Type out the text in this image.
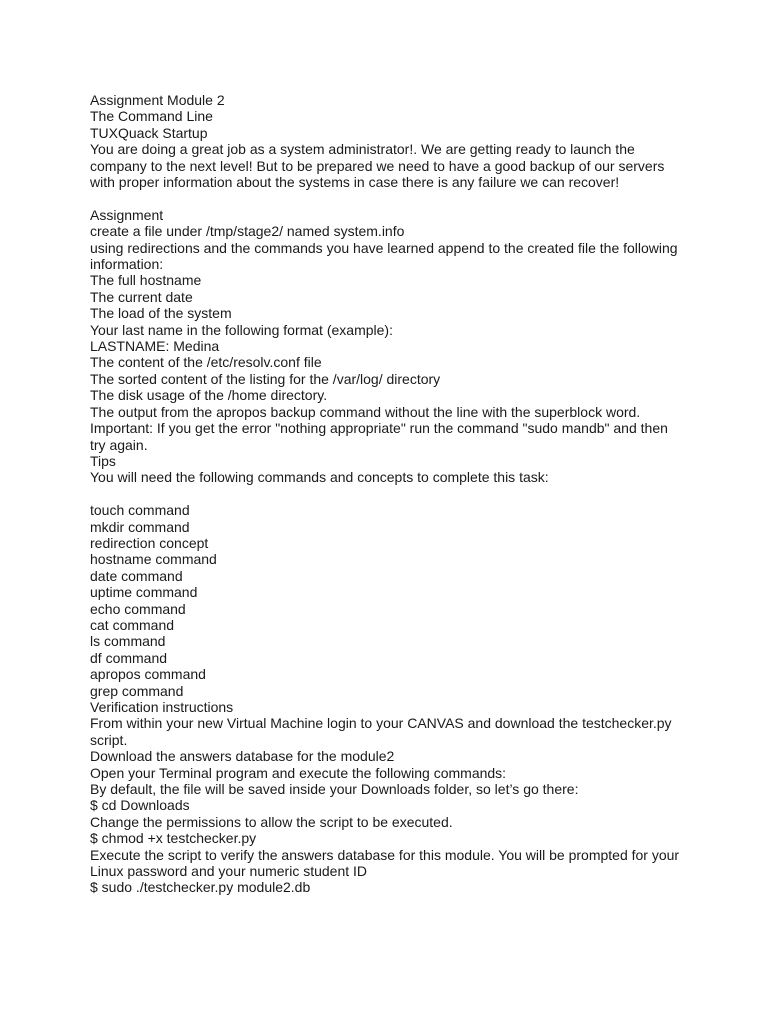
Assignment Module 2
The Command Line
TUXQuack Startup
You are doing a great job as a system administrator!. We are getting ready to launch the
company to the next level! But to be prepared we need to have a good backup of our servers
with proper information about the systems in case there is any failure we can recover!
Assignment
create a file under /tmp/stage2/ named system.info
using redirections and the commands you have learned append to the created file the following
information:
The full hostname
The current date
The load of the system
Your last name in the following format (example):
LASTNAME: Medina
The content of the /etc/resolv.conf file
The sorted content of the listing for the /var/log/ directory
The disk usage of the /home directory.
The output from the apropos backup command without the line with the superblock word.
Important: If you get the error "nothing appropriate" run the command "sudo mandb" and then
try again.
Tips
You will need the following commands and concepts to complete this task:
touch command
mkdir command
redirection concept
hostname command
date command
uptime command
echo command
cat command
ls command
df command
apropos command
grep command
Verification instructions
From within your new Virtual Machine login to your CANVAS and download the testchecker.py
script.
Download the answers database for the module2
Open your Terminal program and execute the following commands:
By default, the file will be saved inside your Downloads folder, so let’s go there:
$ cd Downloads
Change the permissions to allow the script to be executed.
$ chmod +x testchecker.py
Execute the script to verify the answers database for this module. You will be prompted for your
Linux password and your numeric student ID
$ sudo ./testchecker.py module2.db
